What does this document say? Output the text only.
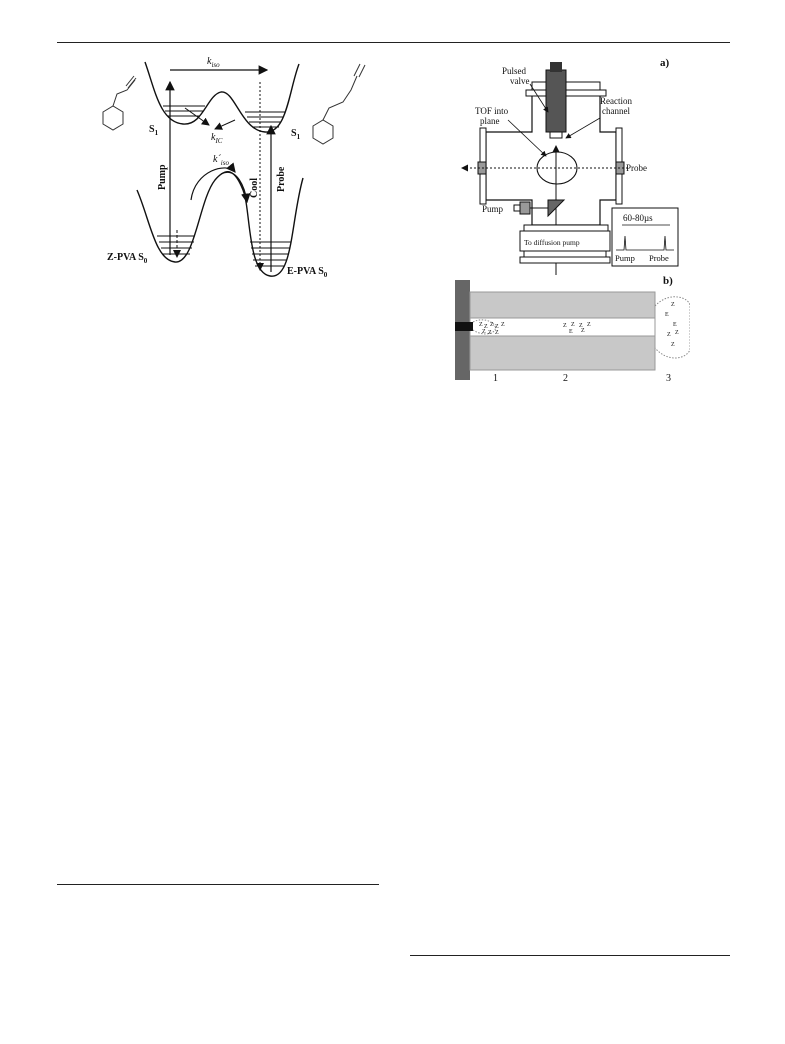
$k_{iso}$
$k_{IC}$
$S_1$	$S_1$
$k´_{iso}$
Pump	Cool Probe
Z-PVA $S_0$
E-PVA $S_0$
a)
To diffusion pump
Pulsed
valve
Reaction
channel
TOF into
plane
Probe
Pump
60-80µs
Pump Probe
b)
Z Z Z Z Z
Z Z Z
Z Z Z Z
E Z
Z
E
E
Z Z
Z
1	2	3
